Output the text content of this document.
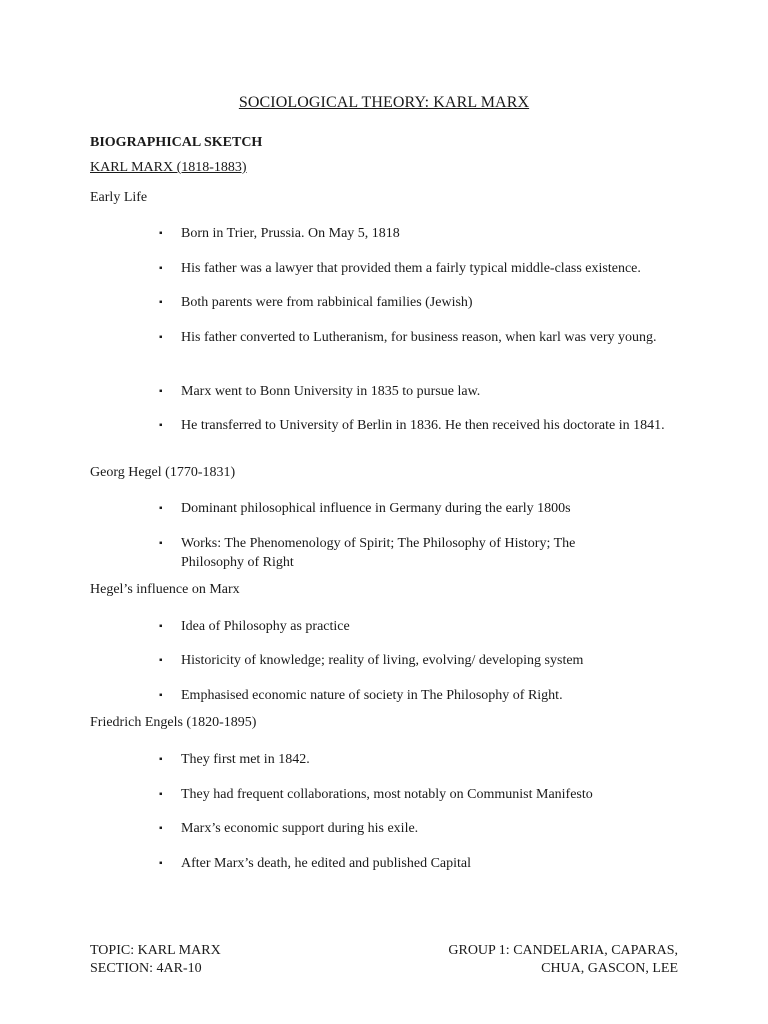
SOCIOLOGICAL THEORY: KARL MARX
BIOGRAPHICAL SKETCH
KARL MARX (1818-1883)
Early Life
▪ Born in Trier, Prussia. On May 5, 1818
▪ His father was a lawyer that provided them a fairly typical middle-class existence.
▪ Both parents were from rabbinical families (Jewish)
▪ His father converted to Lutheranism, for business reason, when karl was very young.
▪ Marx went to Bonn University in 1835 to pursue law.
▪ He transferred to University of Berlin in 1836. He then received his doctorate in 1841.
Georg Hegel (1770-1831)
▪ Dominant philosophical influence in Germany during the early 1800s
▪ Works: The Phenomenology of Spirit; The Philosophy of History; The Philosophy of Right
Hegel’s influence on Marx
▪ Idea of Philosophy as practice
▪ Historicity of knowledge; reality of living, evolving/ developing system
▪ Emphasised economic nature of society in The Philosophy of Right.
Friedrich Engels (1820-1895)
▪ They first met in 1842.
▪ They had frequent collaborations, most notably on Communist Manifesto
▪ Marx’s economic support during his exile.
▪ After Marx’s death, he edited and published Capital
TOPIC: KARL MARX
SECTION: 4AR-10
GROUP 1: CANDELARIA, CAPARAS,
CHUA, GASCON, LEE
